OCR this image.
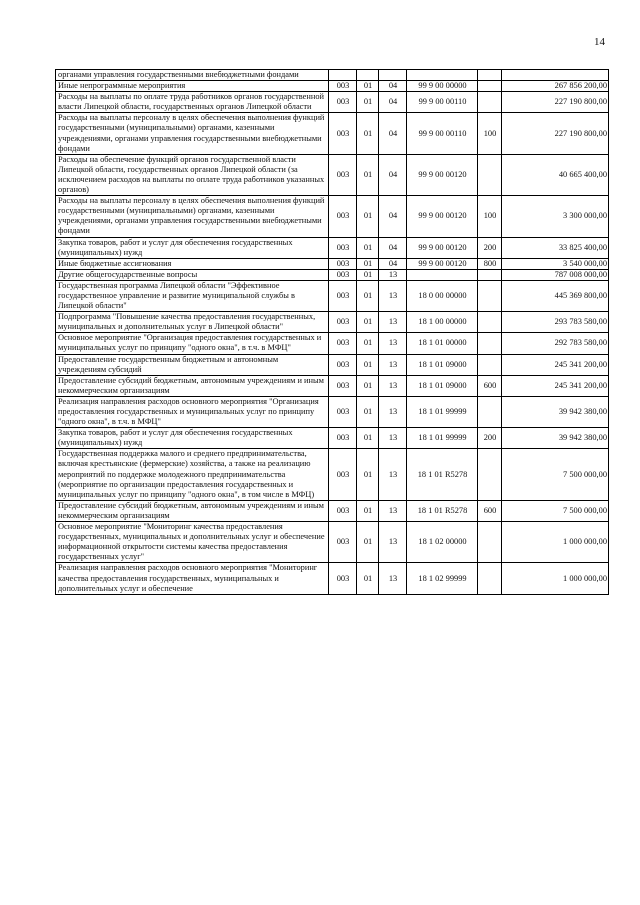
14
органами управления государственными внебюджетными фондами						
Иные непрограммные мероприятия	003	01	04	99 9 00 00000		267 856 200,00
Расходы на выплаты по оплате труда работников органов государственной власти Липецкой области, государственных органов Липецкой области	003	01	04	99 9 00 00110		227 190 800,00
Расходы на выплаты персоналу в целях обеспечения выполнения функций государственными (муниципальными) органами, казенными учреждениями, органами управления государственными внебюджетными фондами	003	01	04	99 9 00 00110	100	227 190 800,00
Расходы на обеспечение функций органов государственной власти Липецкой области, государственных органов Липецкой области (за исключением расходов на выплаты по оплате труда работников указанных органов)	003	01	04	99 9 00 00120		40 665 400,00
Расходы на выплаты персоналу в целях обеспечения выполнения функций государственными (муниципальными) органами, казенными учреждениями, органами управления государственными внебюджетными фондами	003	01	04	99 9 00 00120	100	3 300 000,00
Закупка товаров, работ и услуг для обеспечения государственных (муниципальных) нужд	003	01	04	99 9 00 00120	200	33 825 400,00
Иные бюджетные ассигнования	003	01	04	99 9 00 00120	800	3 540 000,00
Другие общегосударственные вопросы	003	01	13			787 008 000,00
Государственная программа Липецкой области "Эффективное государственное управление и развитие муниципальной службы в Липецкой области"	003	01	13	18 0 00 00000		445 369 800,00
Подпрограмма "Повышение качества предоставления государственных, муниципальных и дополнительных услуг в Липецкой области"	003	01	13	18 1 00 00000		293 783 580,00
Основное мероприятие "Организация предоставления государственных и муниципальных услуг по принципу "одного окна", в т.ч. в МФЦ"	003	01	13	18 1 01 00000		292 783 580,00
Предоставление государственным бюджетным и автономным учреждениям субсидий	003	01	13	18 1 01 09000		245 341 200,00
Предоставление субсидий бюджетным, автономным учреждениям и иным некоммерческим организациям	003	01	13	18 1 01 09000	600	245 341 200,00
Реализация направления расходов основного мероприятия "Организация предоставления государственных и муниципальных услуг по принципу "одного окна", в т.ч. в МФЦ"	003	01	13	18 1 01 99999		39 942 380,00
Закупка товаров, работ и услуг для обеспечения государственных (муниципальных) нужд	003	01	13	18 1 01 99999	200	39 942 380,00
Государственная поддержка малого и среднего предпринимательства, включая крестьянские (фермерские) хозяйства, а также на реализацию мероприятий по поддержке молодежного предпринимательства (мероприятие по организации предоставления государственных и муниципальных услуг по принципу "одного окна", в том числе в МФЦ)	003	01	13	18 1 01 R5278		7 500 000,00
Предоставление субсидий бюджетным, автономным учреждениям и иным некоммерческим организациям	003	01	13	18 1 01 R5278	600	7 500 000,00
Основное мероприятие "Мониторинг качества предоставления государственных, муниципальных и дополнительных услуг и обеспечение информационной открытости системы качества предоставления государственных услуг"	003	01	13	18 1 02 00000		1 000 000,00
Реализация направления расходов основного мероприятия "Мониторинг качества предоставления государственных, муниципальных и дополнительных услуг и обеспечение	003	01	13	18 1 02 99999		1 000 000,00
